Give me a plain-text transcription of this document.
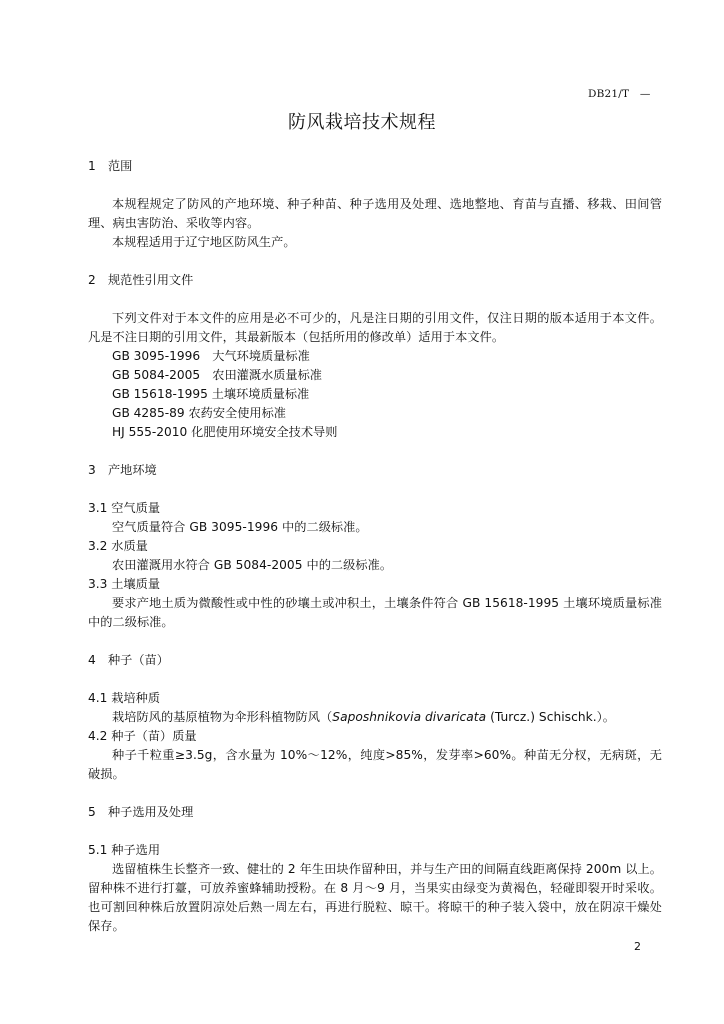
DB21/T　—
防风栽培技术规程
1 范围

本规程规定了防风的产地环境、种子种苗、种子选用及处理、选地整地、育苗与直播、移栽、田间管理、病虫害防治、采收等内容。

本规程适用于辽宁地区防风生产。

2 规范性引用文件

下列文件对于本文件的应用是必不可少的，凡是注日期的引用文件，仅注日期的版本适用于本文件。凡是不注日期的引用文件，其最新版本（包括所用的修改单）适用于本文件。

GB 3095-1996　大气环境质量标准

GB 5084-2005　农田灌溉水质量标准

GB 15618-1995 土壤环境质量标准

GB 4285-89 农药安全使用标准

HJ 555-2010 化肥使用环境安全技术导则

3 产地环境
3.1 空气质量

空气质量符合 GB 3095-1996 中的二级标准。

3.2 水质量

农田灌溉用水符合 GB 5084-2005 中的二级标准。

3.3 土壤质量

要求产地土质为微酸性或中性的砂壤土或冲积土，土壤条件符合 GB 15618-1995 土壤环境质量标准中的二级标准。

4 种子（苗）
4.1 栽培种质

栽培防风的基原植物为伞形科植物防风（Saposhnikovia divaricata (Turcz.) Schischk.）。

4.2 种子（苗）质量

种子千粒重≥3.5g，含水量为 10%～12%，纯度>85%，发芽率>60%。种苗无分杈，无病斑，无破损。

5 种子选用及处理
5.1 种子选用

选留植株生长整齐一致、健壮的 2 年生田块作留种田，并与生产田的间隔直线距离保持 200m 以上。留种株不进行打薹，可放养蜜蜂辅助授粉。在 8 月～9 月，当果实由绿变为黄褐色，轻碰即裂开时采收。也可割回种株后放置阴凉处后熟一周左右，再进行脱粒、晾干。将晾干的种子装入袋中，放在阴凉干燥处保存。

2
